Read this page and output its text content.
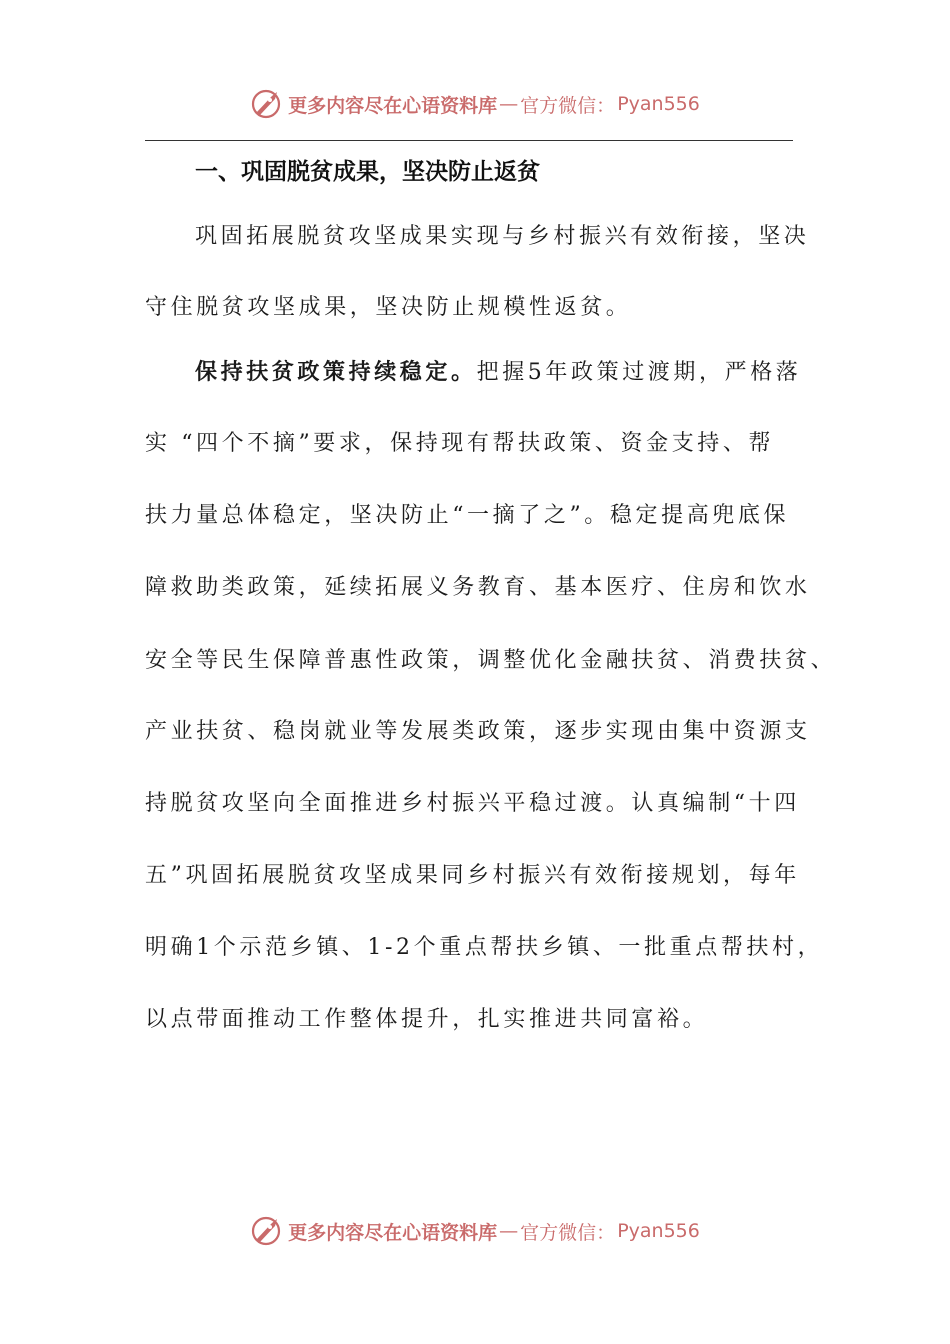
更多内容尽在心语资料库 — 官方微信： Pyan556
一、巩固脱贫成果，坚决防止返贫
巩固拓展脱贫攻坚成果实现与乡村振兴有效衔接，坚决
守住脱贫攻坚成果，坚决防止规模性返贫。
保持扶贫政策持续稳定。把握5年政策过渡期，严格落
实 “四个不摘”要求，保持现有帮扶政策、资金支持、帮
扶力量总体稳定，坚决防止“一摘了之”。稳定提高兜底保
障救助类政策，延续拓展义务教育、基本医疗、住房和饮水
安全等民生保障普惠性政策，调整优化金融扶贫、消费扶贫、
产业扶贫、稳岗就业等发展类政策，逐步实现由集中资源支
持脱贫攻坚向全面推进乡村振兴平稳过渡。认真编制“十四
五”巩固拓展脱贫攻坚成果同乡村振兴有效衔接规划，每年
明确1个示范乡镇、1-2个重点帮扶乡镇、一批重点帮扶村，
以点带面推动工作整体提升，扎实推进共同富裕。
更多内容尽在心语资料库 — 官方微信： Pyan556
